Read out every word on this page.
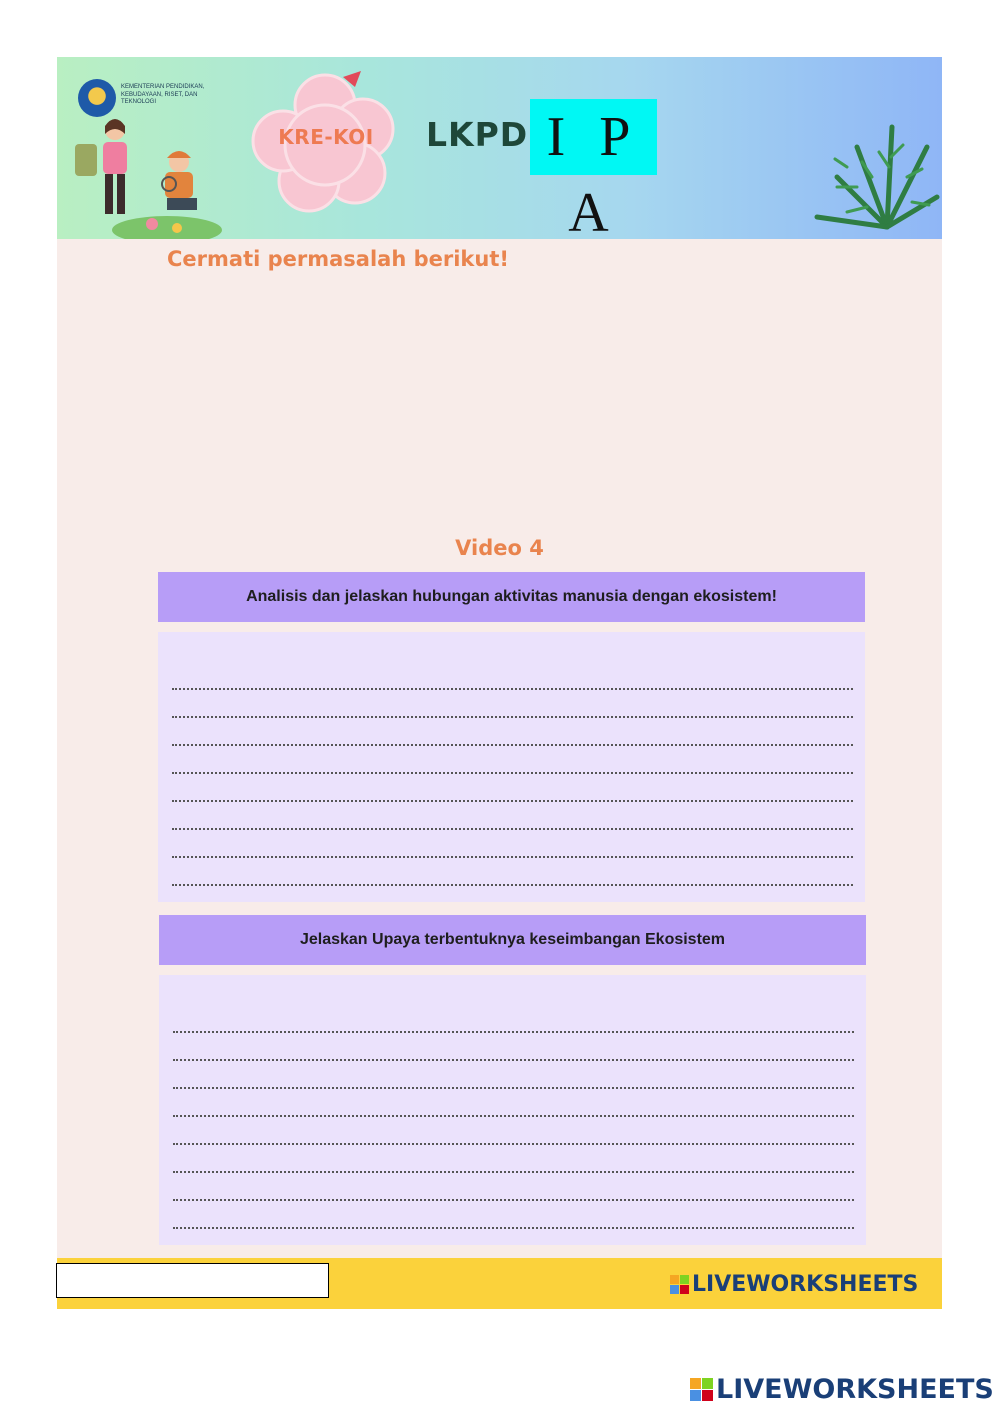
KEMENTERIAN PENDIDIKAN, KEBUDAYAAN, RISET, DAN TEKNOLOGI
KRE-KOI LKPD I P A
Cermati permasalah berikut!
Video 4
Analisis dan jelaskan hubungan aktivitas manusia dengan ekosistem!
Jelaskan Upaya terbentuknya keseimbangan Ekosistem
LIVEWORKSHEETS
LIVEWORKSHEETS
